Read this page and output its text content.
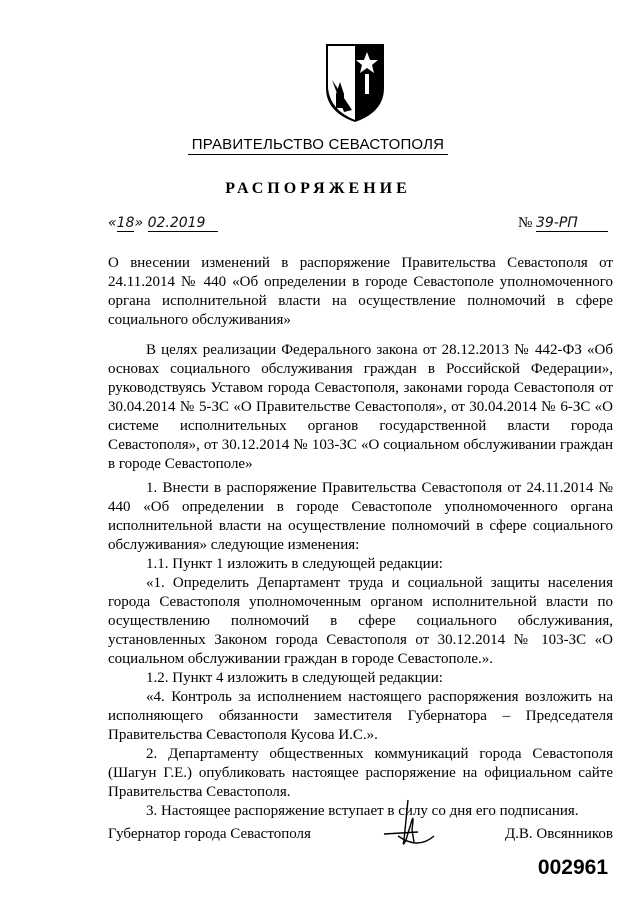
ПРАВИТЕЛЬСТВО СЕВАСТОПОЛЯ
РАСПОРЯЖЕНИЕ
«18» 02.2019	№ 39-РП

О внесении изменений в распоряжение Правительства Севастополя от 24.11.2014 № 440 «Об определении в городе Севастополе уполномоченного органа исполнительной власти на осуществление полномочий в сфере социального обслуживания»

В целях реализации Федерального закона от 28.12.2013 № 442-ФЗ «Об основах социального обслуживания граждан в Российской Федерации», руководствуясь Уставом города Севастополя, законами города Севастополя от 30.04.2014 № 5-ЗС «О Правительстве Севастополя», от 30.04.2014 № 6-ЗС «О системе исполнительных органов государственной власти города Севастополя», от 30.12.2014 № 103-ЗС «О социальном обслуживании граждан в городе Севастополе»

1. Внести в распоряжение Правительства Севастополя от 24.11.2014 № 440 «Об определении в городе Севастополе уполномоченного органа исполнительной власти на осуществление полномочий в сфере социального обслуживания» следующие изменения:

1.1. Пункт 1 изложить в следующей редакции:

«1. Определить Департамент труда и социальной защиты населения города Севастополя уполномоченным органом исполнительной власти по осуществлению полномочий в сфере социального обслуживания, установленных Законом города Севастополя от 30.12.2014 № 103-ЗС «О социальном обслуживании граждан в городе Севастополе.».

1.2. Пункт 4 изложить в следующей редакции:

«4. Контроль за исполнением настоящего распоряжения возложить на исполняющего обязанности заместителя Губернатора – Председателя Правительства Севастополя Кусова И.С.».

2. Департаменту общественных коммуникаций города Севастополя (Шагун Г.Е.) опубликовать настоящее распоряжение на официальном сайте Правительства Севастополя.

3. Настоящее распоряжение вступает в силу со дня его подписания.

Губернатор города Севастополя	Д.В. Овсянников
002961
